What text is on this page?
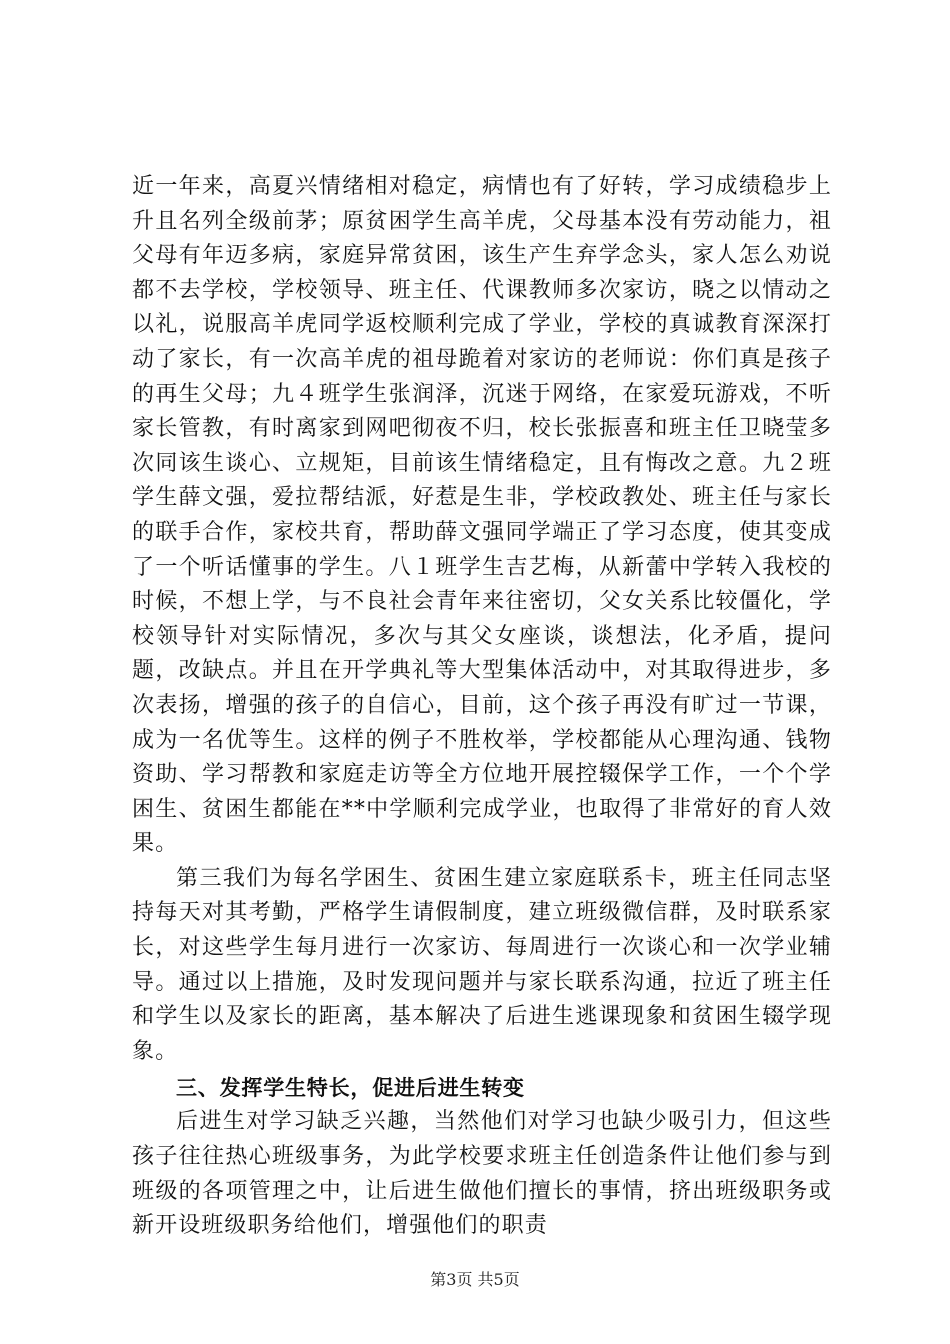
近一年来，高夏兴情绪相对稳定，病情也有了好转，学习成绩稳步上升且名列全级前茅；原贫困学生高羊虎，父母基本没有劳动能力，祖父母有年迈多病，家庭异常贫困，该生产生弃学念头，家人怎么劝说都不去学校，学校领导、班主任、代课教师多次家访，晓之以情动之以礼，说服高羊虎同学返校顺利完成了学业，学校的真诚教育深深打动了家长，有一次高羊虎的祖母跪着对家访的老师说：你们真是孩子的再生父母；九４班学生张润泽，沉迷于网络，在家爱玩游戏，不听家长管教，有时离家到网吧彻夜不归，校长张振喜和班主任卫晓莹多次同该生谈心、立规矩，目前该生情绪稳定，且有悔改之意。九２班学生薛文强，爱拉帮结派，好惹是生非，学校政教处、班主任与家长的联手合作，家校共育，帮助薛文强同学端正了学习态度，使其变成了一个听话懂事的学生。八１班学生吉艺梅，从新蕾中学转入我校的时候，不想上学，与不良社会青年来往密切，父女关系比较僵化，学校领导针对实际情况，多次与其父女座谈，谈想法，化矛盾，提问题，改缺点。并且在开学典礼等大型集体活动中，对其取得进步，多次表扬，增强的孩子的自信心，目前，这个孩子再没有旷过一节课，成为一名优等生。这样的例子不胜枚举，学校都能从心理沟通、钱物资助、学习帮教和家庭走访等全方位地开展控辍保学工作，一个个学困生、贫困生都能在**中学顺利完成学业，也取得了非常好的育人效果。

第三我们为每名学困生、贫困生建立家庭联系卡，班主任同志坚持每天对其考勤，严格学生请假制度，建立班级微信群，及时联系家长，对这些学生每月进行一次家访、每周进行一次谈心和一次学业辅导。通过以上措施，及时发现问题并与家长联系沟通，拉近了班主任和学生以及家长的距离，基本解决了后进生逃课现象和贫困生辍学现象。

三、发挥学生特长，促进后进生转变

后进生对学习缺乏兴趣，当然他们对学习也缺少吸引力，但这些孩子往往热心班级事务，为此学校要求班主任创造条件让他们参与到班级的各项管理之中，让后进生做他们擅长的事情，挤出班级职务或新开设班级职务给他们，增强他们的职责

第3页 共5页
